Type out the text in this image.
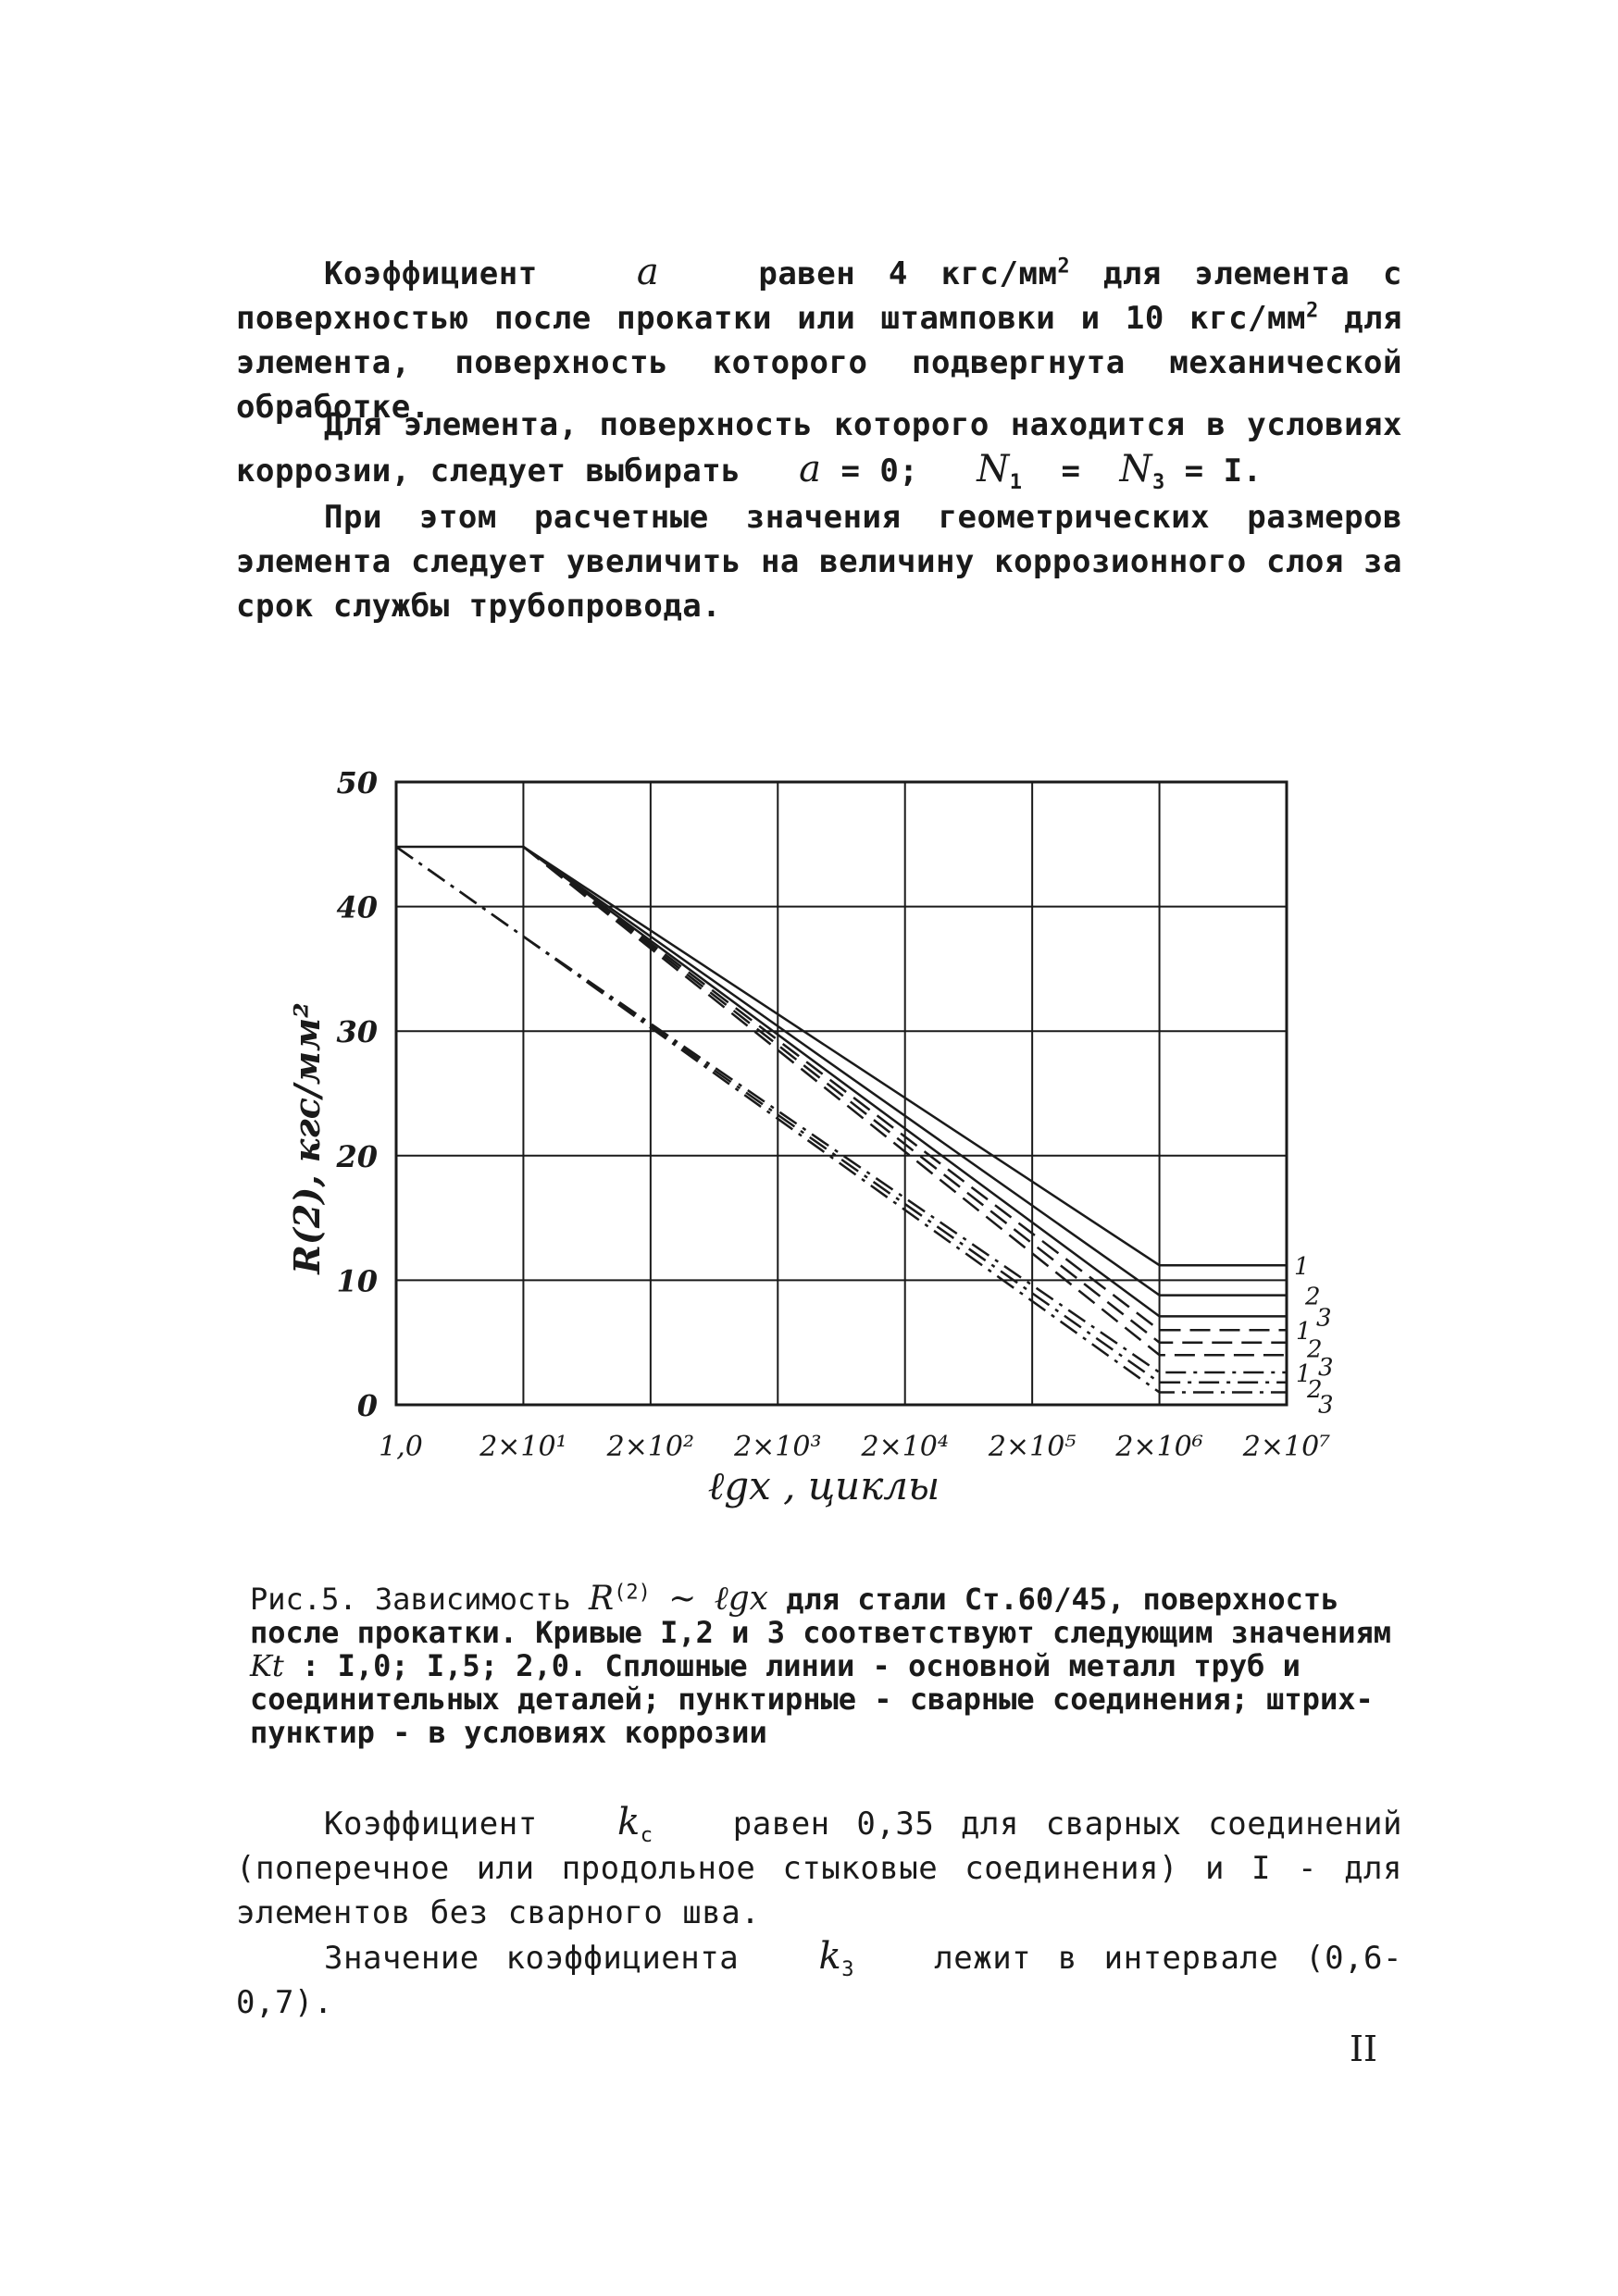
Коэффициент	a	равен 4 кгс/$мм^2$ для элемента с поверхностью после прокатки или штамповки и 10 кгс/$мм^2$ для элемента, поверхность которого подвергнута механической обработке.

Для элемента, поверхность которого находится в условиях коррозии, следует выбирать a = 0; $N_1 = N_3 = I$.

При этом расчетные значения геометрических размеров элемента следует увеличить на величину коррозионного слоя за срок службы трубопровода.

0
10
20
30
40
50
1,0 2×10¹ 2×10² 2×10³ 2×10⁴ 2×10⁵ 2×10⁶ 2×10⁷
1
2
3
1
2
3
1
2
3
R(2), кгс/мм²
ℓgx , циклы

Рис.5. Зависимость $R^{(2)}$ ~ ℓgx для стали Ст.60/45, поверхность после прокатки. Кривые I,2 и 3 соответствуют следующим значениям Kt : I,0; I,5; 2,0. Сплошные линии - основной металл труб и соединительных деталей; пунктирные - сварные соединения; штрих-пунктир - в условиях коррозии

Коэффициент $k_c$	равен 0,35 для сварных соединений (поперечное или продольное стыковые соединения) и I - для элементов без сварного шва.

Значение коэффициента $k_3$	лежит в интервале (0,6-0,7).

II
